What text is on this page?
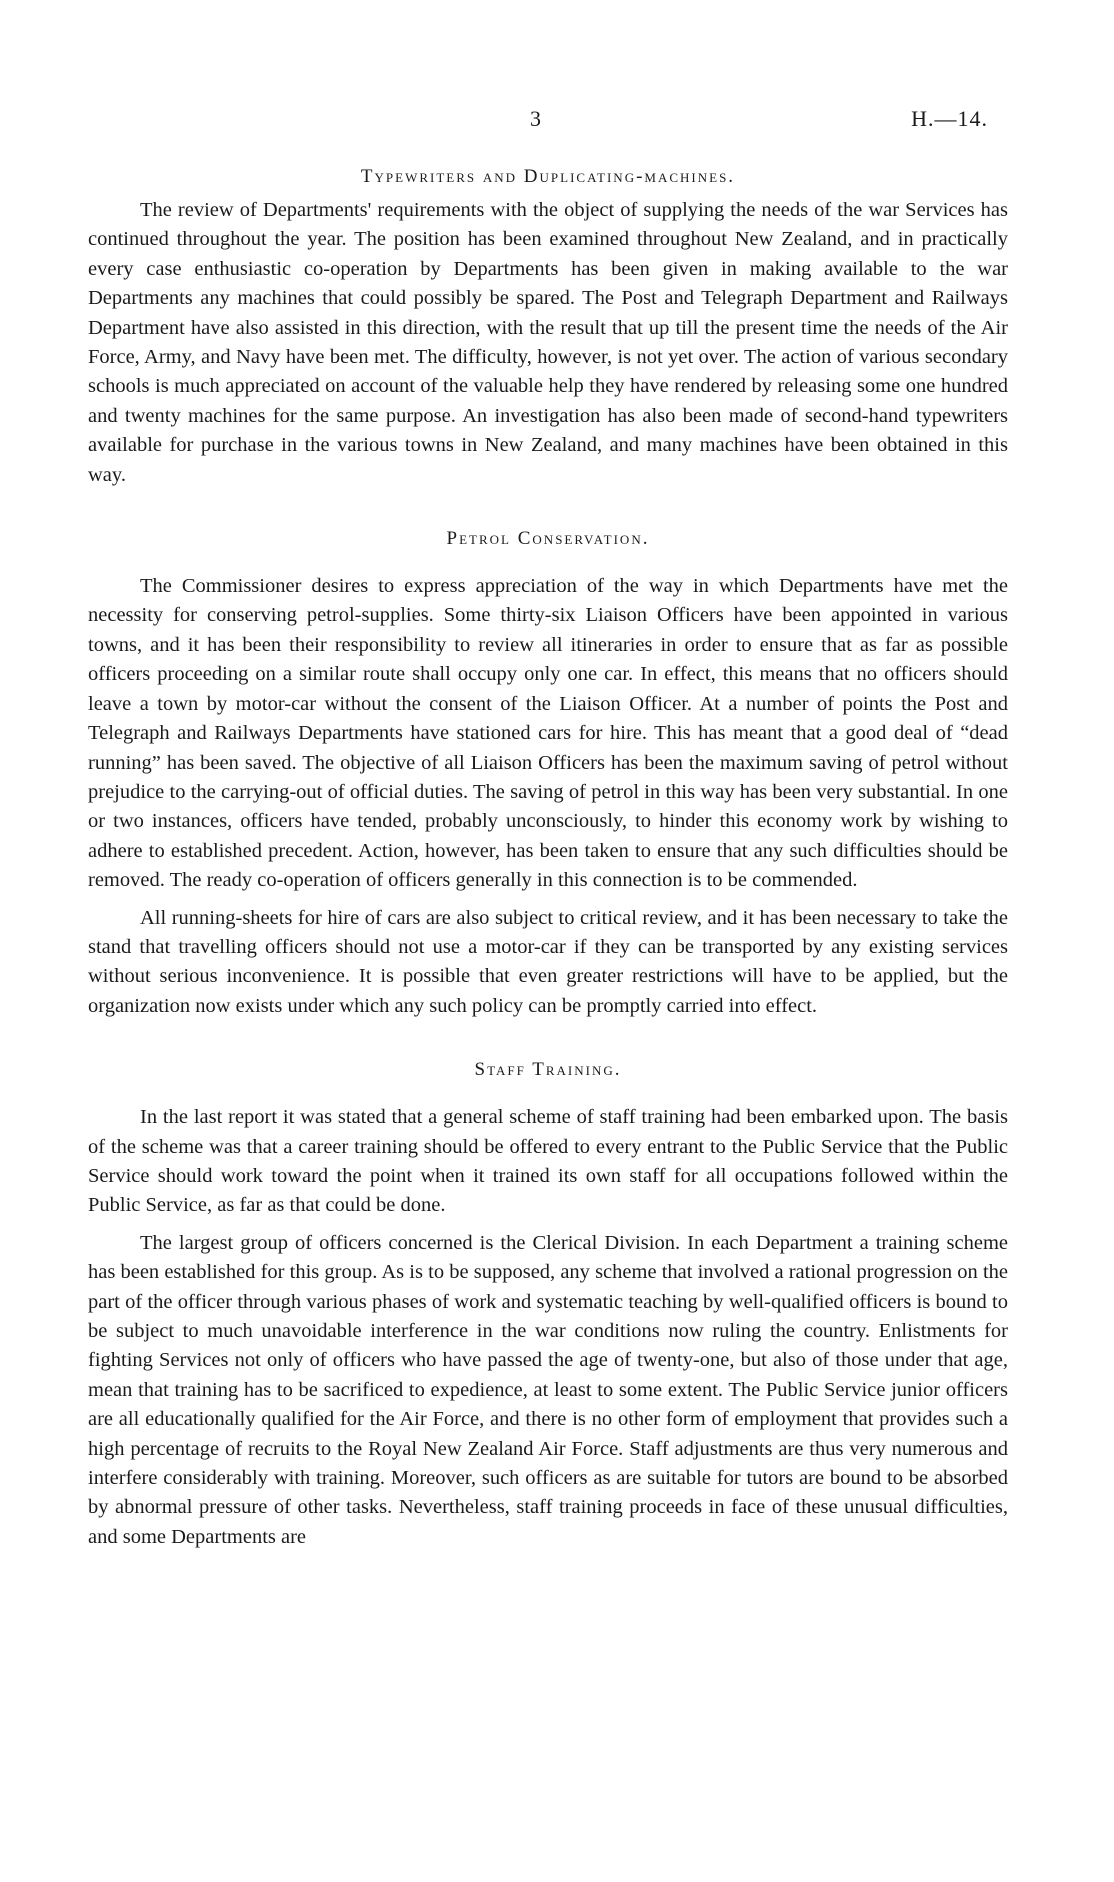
3	H.—14.
Typewriters and Duplicating-machines.

The review of Departments' requirements with the object of supplying the needs of the war Services has continued throughout the year. The position has been examined throughout New Zealand, and in practically every case enthusiastic co-operation by Departments has been given in making available to the war Departments any machines that could possibly be spared. The Post and Telegraph Department and Railways Department have also assisted in this direction, with the result that up till the present time the needs of the Air Force, Army, and Navy have been met. The difficulty, however, is not yet over. The action of various secondary schools is much appreciated on account of the valuable help they have rendered by releasing some one hundred and twenty machines for the same purpose. An investigation has also been made of second-hand typewriters available for purchase in the various towns in New Zealand, and many machines have been obtained in this way.

Petrol Conservation.

The Commissioner desires to express appreciation of the way in which Departments have met the necessity for conserving petrol-supplies. Some thirty-six Liaison Officers have been appointed in various towns, and it has been their responsibility to review all itineraries in order to ensure that as far as possible officers proceeding on a similar route shall occupy only one car. In effect, this means that no officers should leave a town by motor-car without the consent of the Liaison Officer. At a number of points the Post and Telegraph and Railways Departments have stationed cars for hire. This has meant that a good deal of “dead running” has been saved. The objective of all Liaison Officers has been the maximum saving of petrol without prejudice to the carrying-out of official duties. The saving of petrol in this way has been very substantial. In one or two instances, officers have tended, probably unconsciously, to hinder this economy work by wishing to adhere to established precedent. Action, however, has been taken to ensure that any such difficulties should be removed. The ready co-operation of officers generally in this connection is to be commended.

All running-sheets for hire of cars are also subject to critical review, and it has been necessary to take the stand that travelling officers should not use a motor-car if they can be transported by any existing services without serious inconvenience. It is possible that even greater restrictions will have to be applied, but the organization now exists under which any such policy can be promptly carried into effect.

Staff Training.

In the last report it was stated that a general scheme of staff training had been embarked upon. The basis of the scheme was that a career training should be offered to every entrant to the Public Service that the Public Service should work toward the point when it trained its own staff for all occupations followed within the Public Service, as far as that could be done.

The largest group of officers concerned is the Clerical Division. In each Department a training scheme has been established for this group. As is to be supposed, any scheme that involved a rational progression on the part of the officer through various phases of work and systematic teaching by well-qualified officers is bound to be subject to much unavoidable interference in the war conditions now ruling the country. Enlistments for fighting Services not only of officers who have passed the age of twenty-one, but also of those under that age, mean that training has to be sacrificed to expedience, at least to some extent. The Public Service junior officers are all educationally qualified for the Air Force, and there is no other form of employment that provides such a high percentage of recruits to the Royal New Zealand Air Force. Staff adjustments are thus very numerous and interfere considerably with training. Moreover, such officers as are suitable for tutors are bound to be absorbed by abnormal pressure of other tasks. Nevertheless, staff training proceeds in face of these unusual difficulties, and some Departments are
